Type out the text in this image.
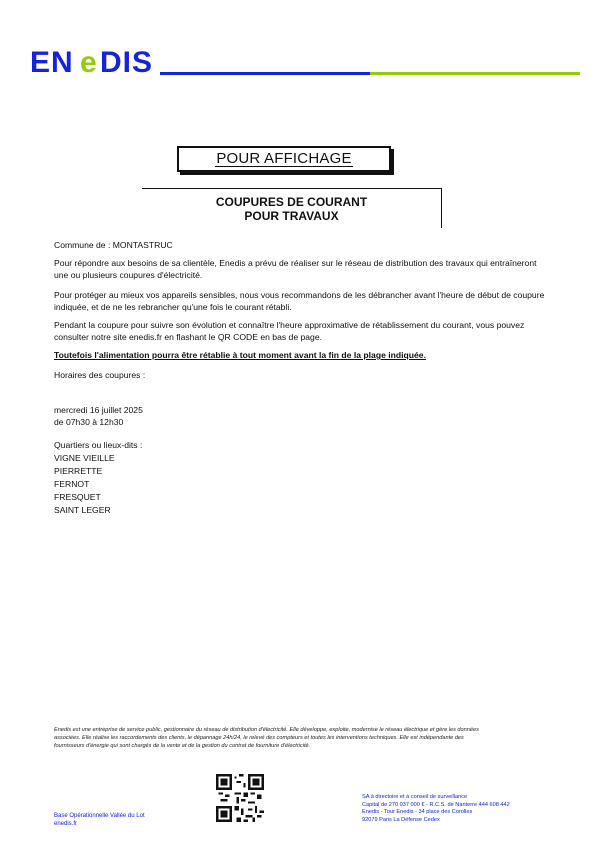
EN e DIS
POUR AFFICHAGE
COUPURES DE COURANT
POUR TRAVAUX
Commune de : MONTASTRUC
Pour répondre aux besoins de sa clientèle, Enedis a prévu de réaliser sur le réseau de distribution des travaux qui entraîneront une ou plusieurs coupures d'électricité.
Pour protéger au mieux vos appareils sensibles, nous vous recommandons de les débrancher avant l'heure de début de coupure indiquée, et de ne les rebrancher qu'une fois le courant rétabli.
Pendant la coupure pour suivre son évolution et connaître l'heure approximative de rétablissement du courant, vous pouvez consulter notre site enedis.fr en flashant le QR CODE en bas de page.
Toutefois l'alimentation pourra être rétablie à tout moment avant la fin de la plage indiquée.
Horaires des coupures :
mercredi 16 juillet 2025
de 07h30 à 12h30
Quartiers ou lieux-dits :
VIGNE VIEILLE
PIERRETTE
FERNOT
FRESQUET
SAINT LEGER
Enedis est une entreprise de service public, gestionnaire du réseau de distribution d'électricité. Elle développe, exploite, modernise le réseau électrique et gère les données
associées. Elle réalise les raccordements des clients, le dépannage 24h/24, le relevé des compteurs et toutes les interventions techniques. Elle est indépendante des
fournisseurs d'énergie qui sont chargés de la vente et de la gestion du contrat de fourniture d'électricité.
Base Opérationnelle Vallée du Lot
enedis.fr
SA à directoire et à conseil de surveillance
Capital de 270 037 000 € - R.C.S. de Nanterre 444 608 442
Enedis - Tour Enedis - 34 place des Corolles
92079 Paris La Défense Cedex
